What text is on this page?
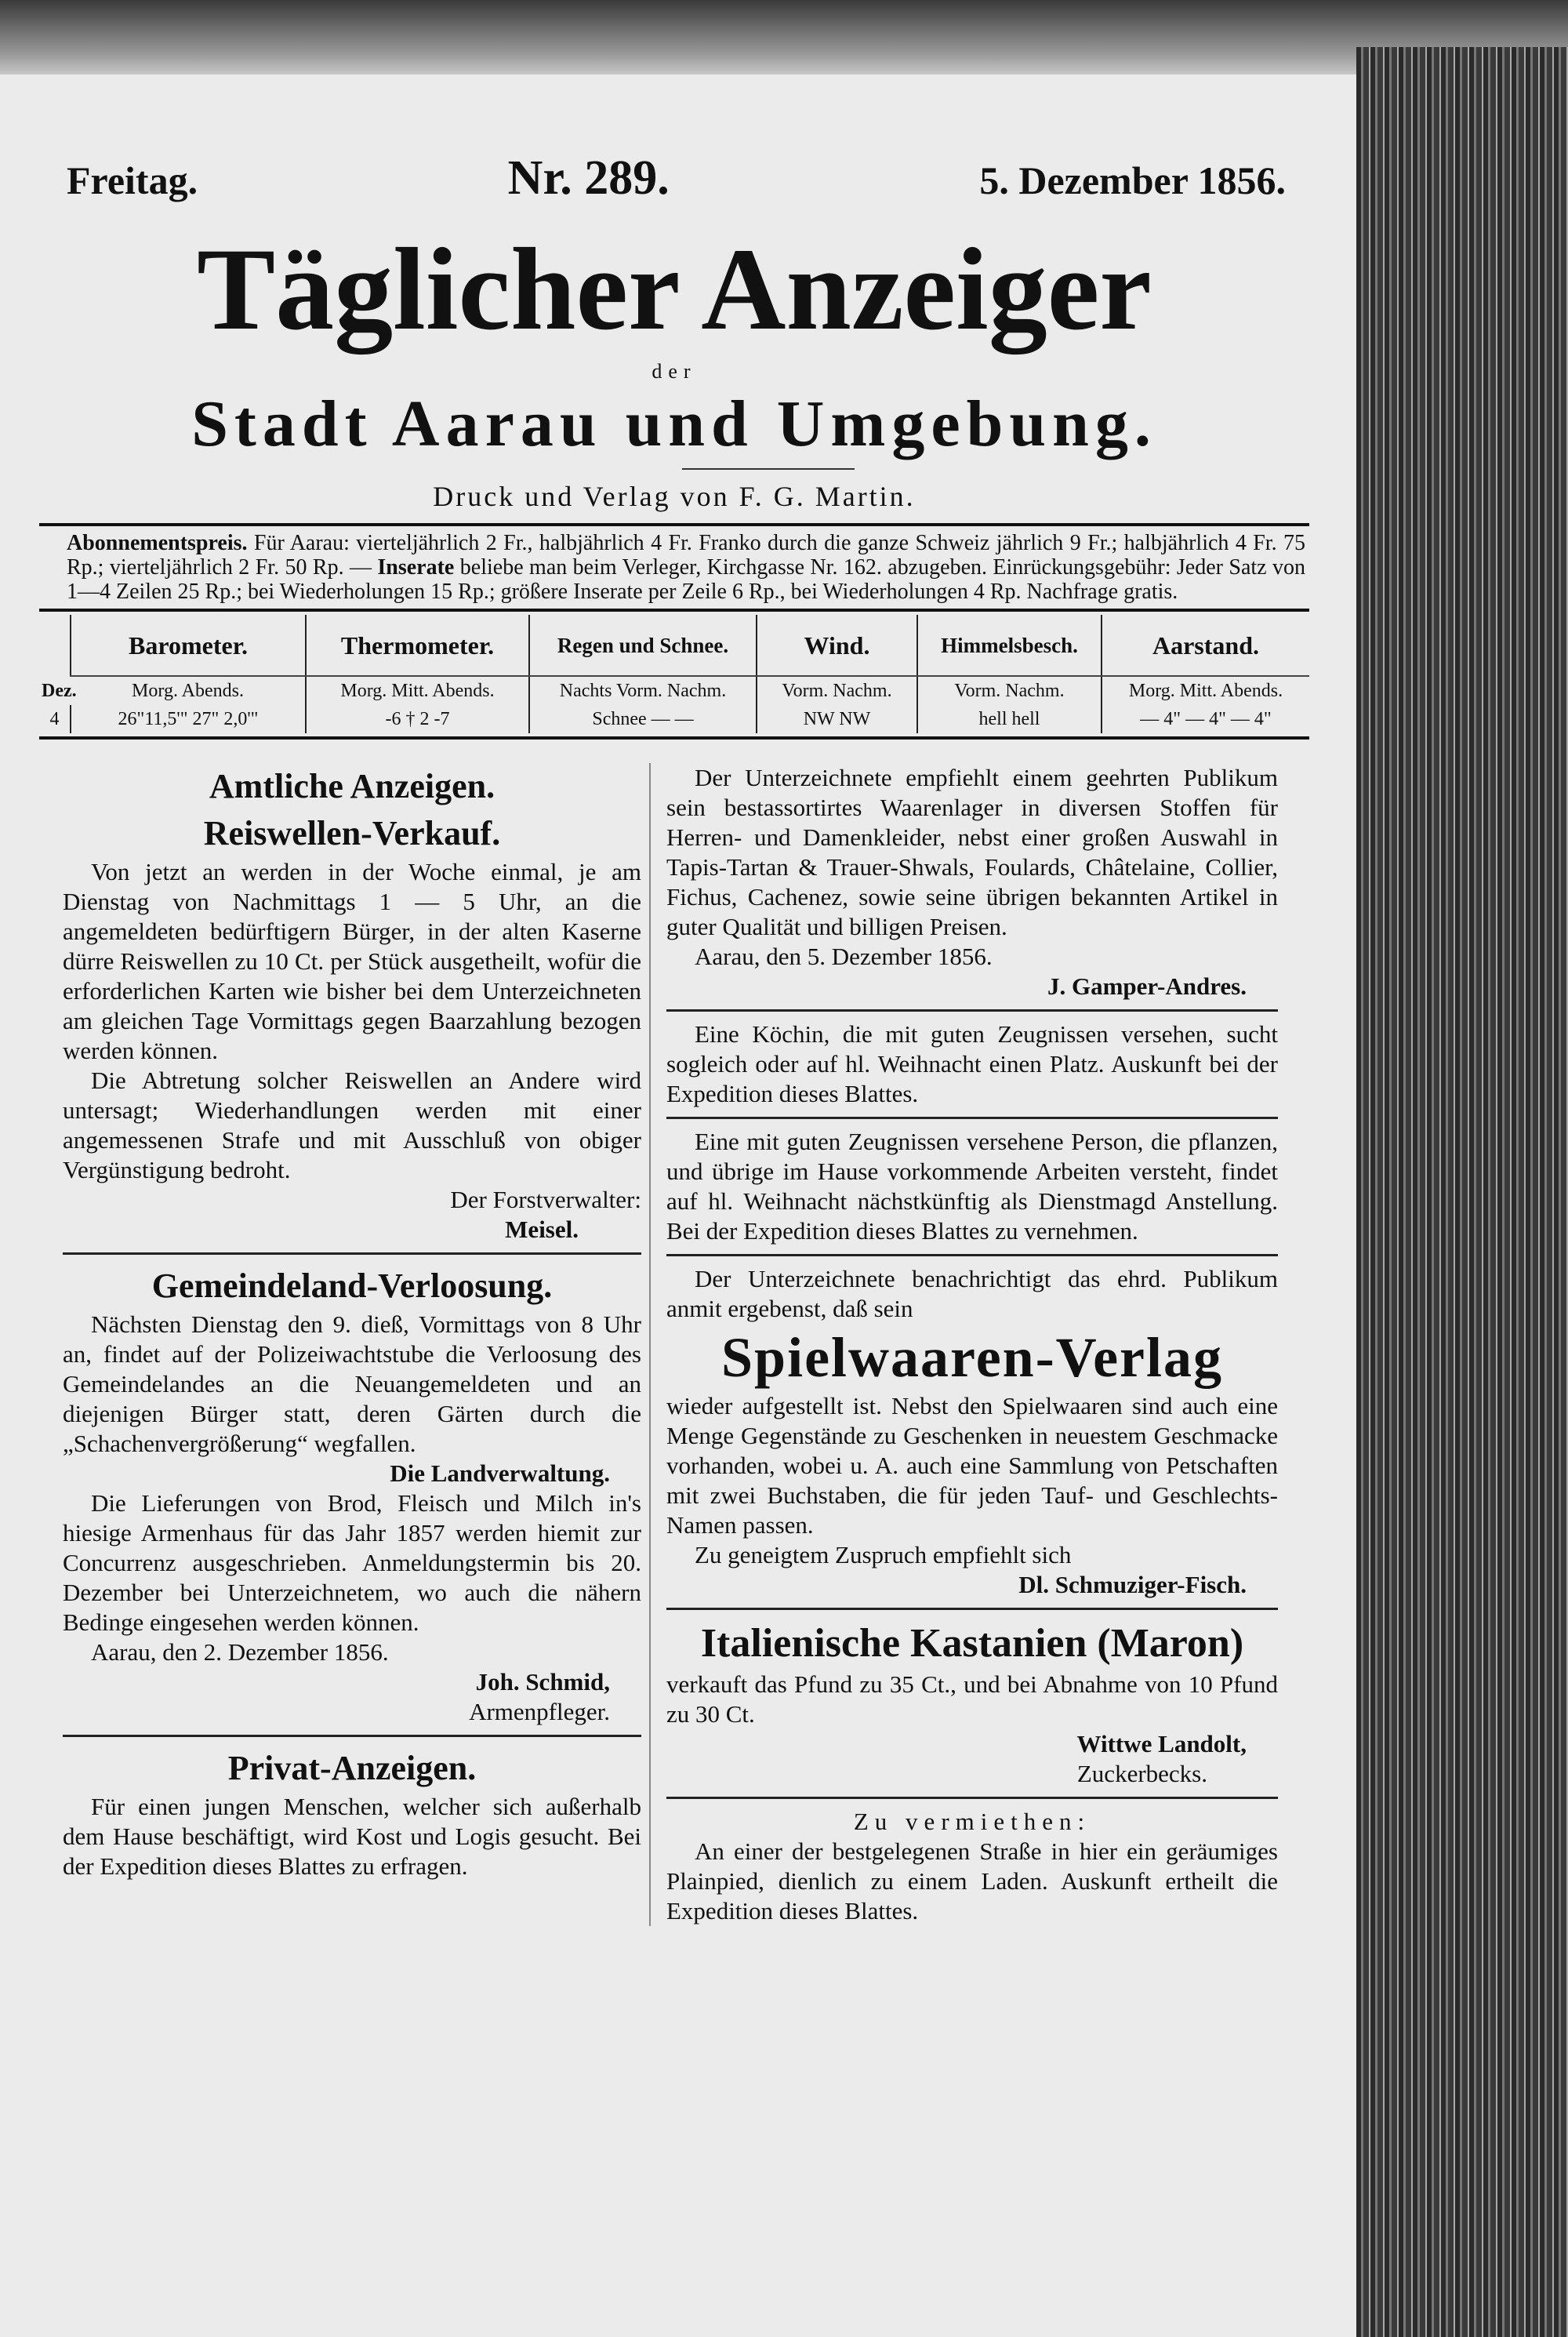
Freitag.	Nr. 289.	5. Dezember 1856.
Täglicher Anzeiger
der
Stadt Aarau und Umgebung.
Druck und Verlag von F. G. Martin.
Abonnementspreis. Für Aarau: vierteljährlich 2 Fr., halbjährlich 4 Fr. Franko durch die ganze Schweiz jährlich 9 Fr.; halbjährlich 4 Fr. 75 Rp.; vierteljährlich 2 Fr. 50 Rp. — Inserate beliebe man beim Verleger, Kirchgasse Nr. 162. abzugeben. Einrückungsgebühr: Jeder Satz von 1—4 Zeilen 25 Rp.; bei Wiederholungen 15 Rp.; größere Inserate per Zeile 6 Rp., bei Wiederholungen 4 Rp. Nachfrage gratis.
Dez.	Barometer.	Thermometer.	Regen und Schnee.	Wind.	Himmelsbesch.	Aarstand.
	Morg. Abends.	Morg. Mitt. Abends.	Nachts Vorm. Nachm.	Vorm. Nachm.	Vorm. Nachm.	Morg. Mitt. Abends.
4	26"11,5'" 27" 2,0'"	-6 † 2 -7	Schnee — —	NW NW	hell hell	— 4" — 4" — 4"
Amtliche Anzeigen.
Reiswellen-Verkauf.

Von jetzt an werden in der Woche einmal, je am Dienstag von Nachmittags 1 — 5 Uhr, an die angemeldeten bedürftigern Bürger, in der alten Kaserne dürre Reiswellen zu 10 Ct. per Stück ausgetheilt, wofür die erforderlichen Karten wie bisher bei dem Unterzeichneten am gleichen Tage Vormittags gegen Baarzahlung bezogen werden können.

Die Abtretung solcher Reiswellen an Andere wird untersagt; Wiederhandlungen werden mit einer angemessenen Strafe und mit Ausschluß von obiger Vergünstigung bedroht.

Der Forstverwalter:
Meisel.
Gemeindeland-Verloosung.

Nächsten Dienstag den 9. dieß, Vormittags von 8 Uhr an, findet auf der Polizeiwachtstube die Verloosung des Gemeindelandes an die Neuangemeldeten und an diejenigen Bürger statt, deren Gärten durch die „Schachenvergrößerung“ wegfallen.

Die Landverwaltung.

Die Lieferungen von Brod, Fleisch und Milch in's hiesige Armenhaus für das Jahr 1857 werden hiemit zur Concurrenz ausgeschrieben. Anmeldungstermin bis 20. Dezember bei Unterzeichnetem, wo auch die nähern Bedinge eingesehen werden können.

Aarau, den 2. Dezember 1856.

Joh. Schmid,
Armenpfleger.
Privat-Anzeigen.

Für einen jungen Menschen, welcher sich außerhalb dem Hause beschäftigt, wird Kost und Logis gesucht. Bei der Expedition dieses Blattes zu erfragen.

Der Unterzeichnete empfiehlt einem geehrten Publikum sein bestassortirtes Waarenlager in diversen Stoffen für Herren- und Damenkleider, nebst einer großen Auswahl in Tapis-Tartan & Trauer-Shwals, Foulards, Châtelaine, Collier, Fichus, Cachenez, sowie seine übrigen bekannten Artikel in guter Qualität und billigen Preisen.

Aarau, den 5. Dezember 1856.

J. Gamper-Andres.

Eine Köchin, die mit guten Zeugnissen versehen, sucht sogleich oder auf hl. Weihnacht einen Platz. Auskunft bei der Expedition dieses Blattes.

Eine mit guten Zeugnissen versehene Person, die pflanzen, und übrige im Hause vorkommende Arbeiten versteht, findet auf hl. Weihnacht nächstkünftig als Dienstmagd Anstellung. Bei der Expedition dieses Blattes zu vernehmen.

Der Unterzeichnete benachrichtigt das ehrd. Publikum anmit ergebenst, daß sein

Spielwaaren-Verlag

wieder aufgestellt ist. Nebst den Spielwaaren sind auch eine Menge Gegenstände zu Geschenken in neuestem Geschmacke vorhanden, wobei u. A. auch eine Sammlung von Petschaften mit zwei Buchstaben, die für jeden Tauf- und Geschlechts-Namen passen.

Zu geneigtem Zuspruch empfiehlt sich

Dl. Schmuziger-Fisch.
Italienische Kastanien (Maron)

verkauft das Pfund zu 35 Ct., und bei Abnahme von 10 Pfund zu 30 Ct.

Wittwe Landolt,
Zuckerbecks.
Zu vermiethen:

An einer der bestgelegenen Straße in hier ein geräumiges Plainpied, dienlich zu einem Laden. Auskunft ertheilt die Expedition dieses Blattes.
